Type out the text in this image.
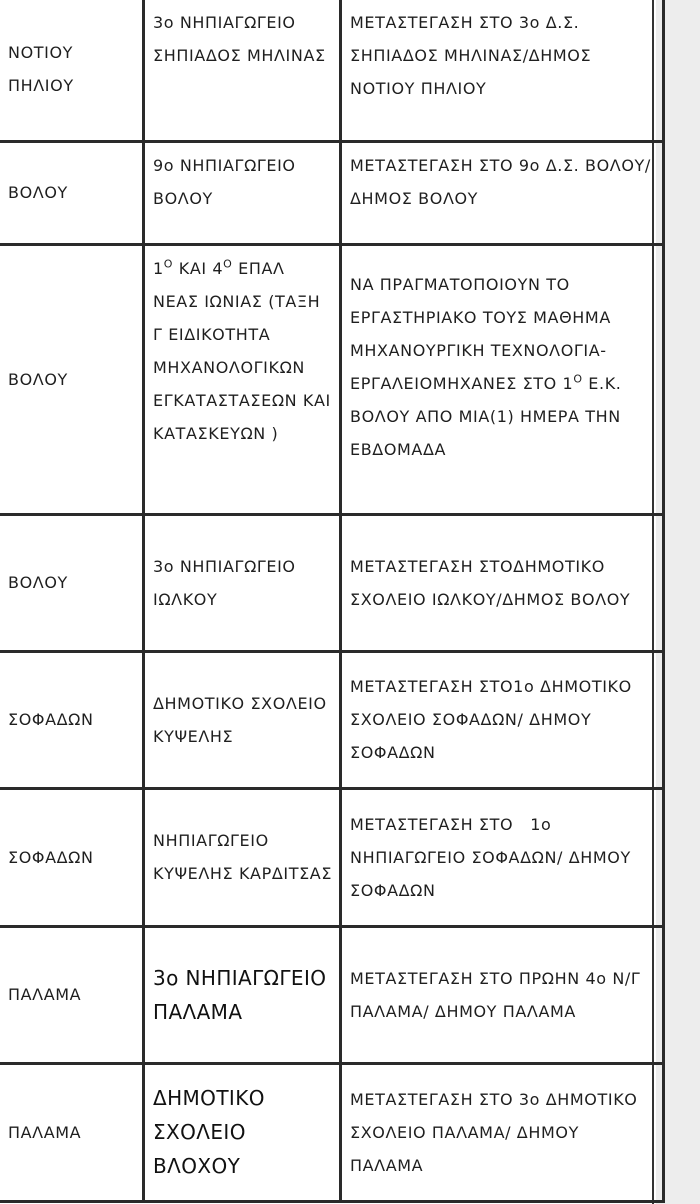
ΝΟΤΙΟΥ ΠΗΛΙΟΥ	3ο ΝΗΠΙΑΓΩΓΕΙΟ ΣΗΠΙΑΔΟΣ ΜΗΛΙΝΑΣ	ΜΕΤΑΣΤΕΓΑΣΗ ΣΤΟ 3ο Δ.Σ. ΣΗΠΙΑΔΟΣ ΜΗΛΙΝΑΣ/ΔΗΜΟΣ ΝΟΤΙΟΥ ΠΗΛΙΟΥ
ΒΟΛΟΥ	9ο ΝΗΠΙΑΓΩΓΕΙΟ ΒΟΛΟΥ	ΜΕΤΑΣΤΕΓΑΣΗ ΣΤΟ 9ο Δ.Σ. ΒΟΛΟΥ/ΔΗΜΟΣ ΒΟΛΟΥ
ΒΟΛΟΥ	$1^O$ ΚΑΙ $4^O$ ΕΠΑΛ ΝΕΑΣ ΙΩΝΙΑΣ (ΤΑΞΗ Γ ΕΙΔΙΚΟΤΗΤΑ ΜΗΧΑΝΟΛΟΓΙΚΩΝ ΕΓΚΑΤΑΣΤΑΣΕΩΝ ΚΑΙ ΚΑΤΑΣΚΕΥΩΝ )	ΝΑ ΠΡΑΓΜΑΤΟΠΟΙΟΥΝ ΤΟ ΕΡΓΑΣΤΗΡΙΑΚΟ ΤΟΥΣ ΜΑΘΗΜΑ ΜΗΧΑΝΟΥΡΓΙΚΗ ΤΕΧΝΟΛΟΓΙΑ-ΕΡΓΑΛΕΙΟΜΗΧΑΝΕΣ ΣΤΟ $1^O$ Ε.Κ. ΒΟΛΟΥ ΑΠΟ ΜΙΑ(1) ΗΜΕΡΑ ΤΗΝ ΕΒΔΟΜΑΔΑ
ΒΟΛΟΥ	3ο ΝΗΠΙΑΓΩΓΕΙΟ ΙΩΛΚΟΥ	ΜΕΤΑΣΤΕΓΑΣΗ ΣΤΟΔΗΜΟΤΙΚΟ ΣΧΟΛΕΙΟ ΙΩΛΚΟΥ/ΔΗΜΟΣ ΒΟΛΟΥ
ΣΟΦΑΔΩΝ	ΔΗΜΟΤΙΚΟ ΣΧΟΛΕΙΟ ΚΥΨΕΛΗΣ	ΜΕΤΑΣΤΕΓΑΣΗ ΣΤΟ1ο ΔΗΜΟΤΙΚΟ ΣΧΟΛΕΙΟ ΣΟΦΑΔΩΝ/ ΔΗΜΟΥ ΣΟΦΑΔΩΝ
ΣΟΦΑΔΩΝ	ΝΗΠΙΑΓΩΓΕΙΟ ΚΥΨΕΛΗΣ ΚΑΡΔΙΤΣΑΣ	ΜΕΤΑΣΤΕΓΑΣΗ ΣΤΟ   1ο ΝΗΠΙΑΓΩΓΕΙΟ ΣΟΦΑΔΩΝ/ ΔΗΜΟΥ ΣΟΦΑΔΩΝ
ΠΑΛΑΜΑ	3ο ΝΗΠΙΑΓΩΓΕΙΟ ΠΑΛΑΜΑ	ΜΕΤΑΣΤΕΓΑΣΗ ΣΤΟ ΠΡΩΗΝ 4ο Ν/Γ ΠΑΛΑΜΑ/ ΔΗΜΟΥ ΠΑΛΑΜΑ
ΠΑΛΑΜΑ	ΔΗΜΟΤΙΚΟ ΣΧΟΛΕΙΟ ΒΛΟΧΟΥ	ΜΕΤΑΣΤΕΓΑΣΗ ΣΤΟ 3ο ΔΗΜΟΤΙΚΟ ΣΧΟΛΕΙΟ ΠΑΛΑΜΑ/ ΔΗΜΟΥ ΠΑΛΑΜΑ
